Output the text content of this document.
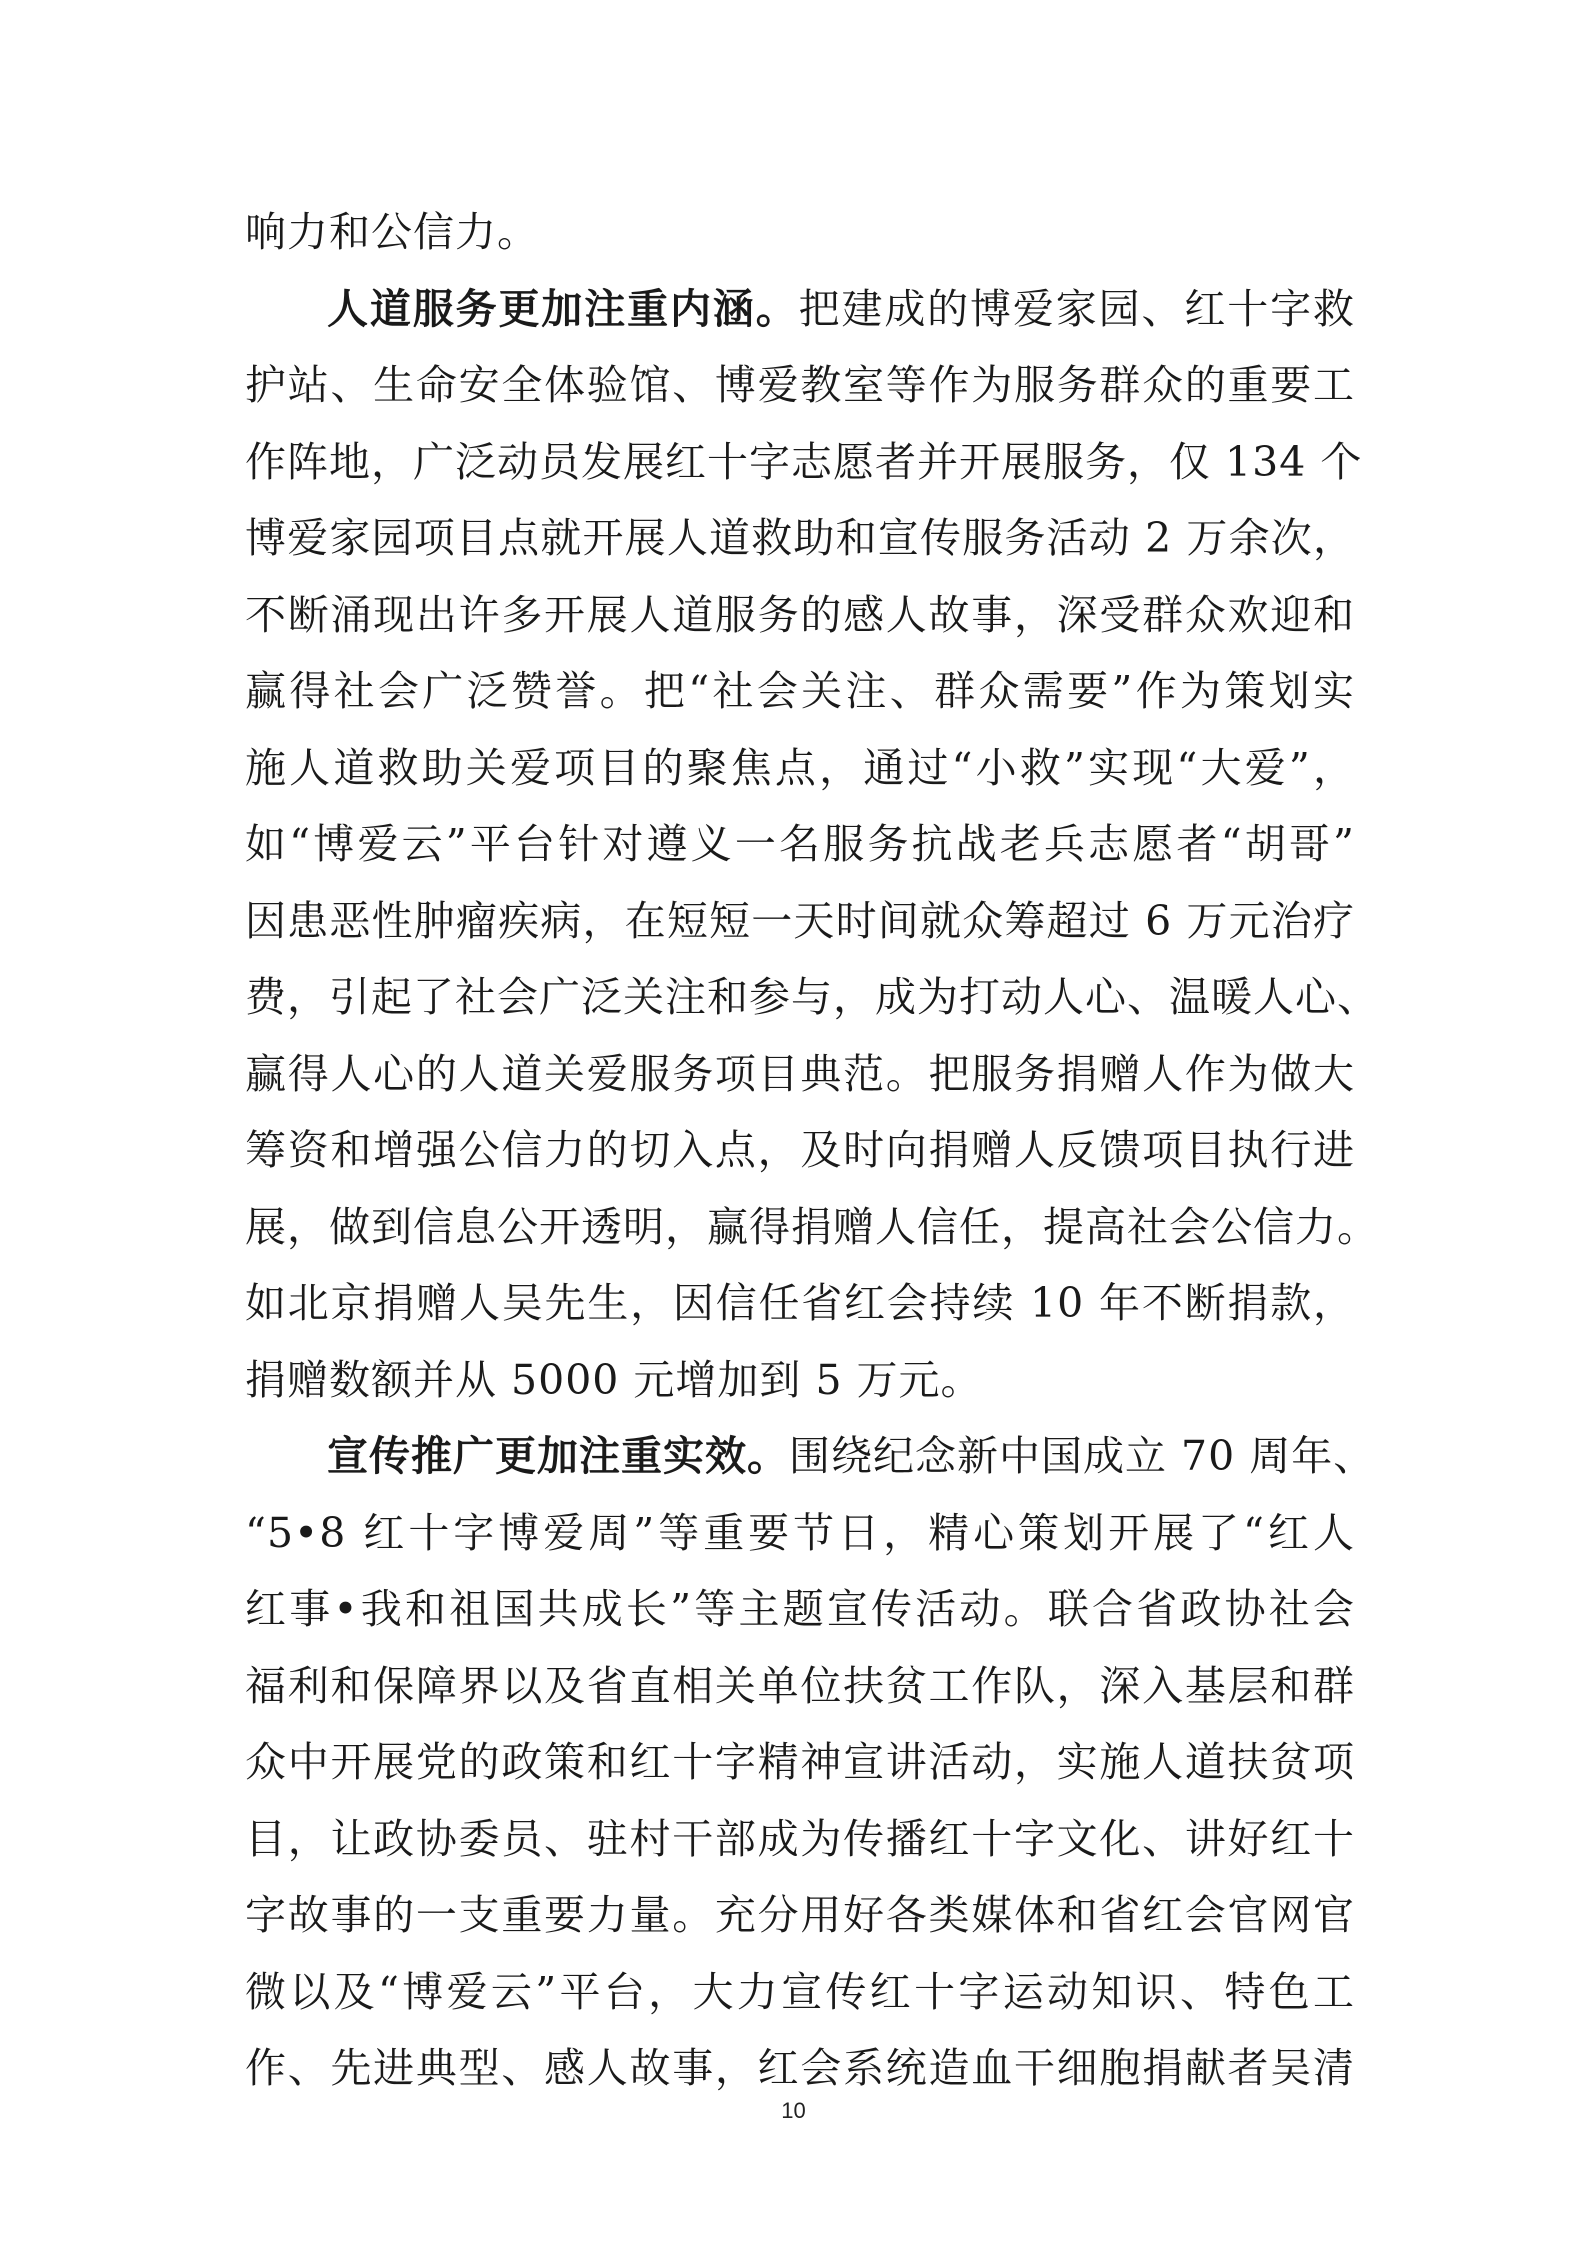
响力和公信力。
人道服务更加注重内涵。把建成的博爱家园、红十字救
护站、生命安全体验馆、博爱教室等作为服务群众的重要工
作阵地，广泛动员发展红十字志愿者并开展服务，仅 134 个
博爱家园项目点就开展人道救助和宣传服务活动 2 万余次，
不断涌现出许多开展人道服务的感人故事，深受群众欢迎和
赢得社会广泛赞誉。把“社会关注、群众需要”作为策划实
施人道救助关爱项目的聚焦点，通过“小救”实现“大爱”，
如“博爱云”平台针对遵义一名服务抗战老兵志愿者“胡哥”
因患恶性肿瘤疾病，在短短一天时间就众筹超过 6 万元治疗
费，引起了社会广泛关注和参与，成为打动人心、温暖人心、
赢得人心的人道关爱服务项目典范。把服务捐赠人作为做大
筹资和增强公信力的切入点，及时向捐赠人反馈项目执行进
展，做到信息公开透明，赢得捐赠人信任，提高社会公信力。
如北京捐赠人吴先生，因信任省红会持续 10 年不断捐款，
捐赠数额并从 5000 元增加到 5 万元。
宣传推广更加注重实效。围绕纪念新中国成立 70 周年、
“5•8 红十字博爱周”等重要节日，精心策划开展了“红人
红事•我和祖国共成长”等主题宣传活动。联合省政协社会
福利和保障界以及省直相关单位扶贫工作队，深入基层和群
众中开展党的政策和红十字精神宣讲活动，实施人道扶贫项
目，让政协委员、驻村干部成为传播红十字文化、讲好红十
字故事的一支重要力量。充分用好各类媒体和省红会官网官
微以及“博爱云”平台，大力宣传红十字运动知识、特色工
作、先进典型、感人故事，红会系统造血干细胞捐献者吴清
10
